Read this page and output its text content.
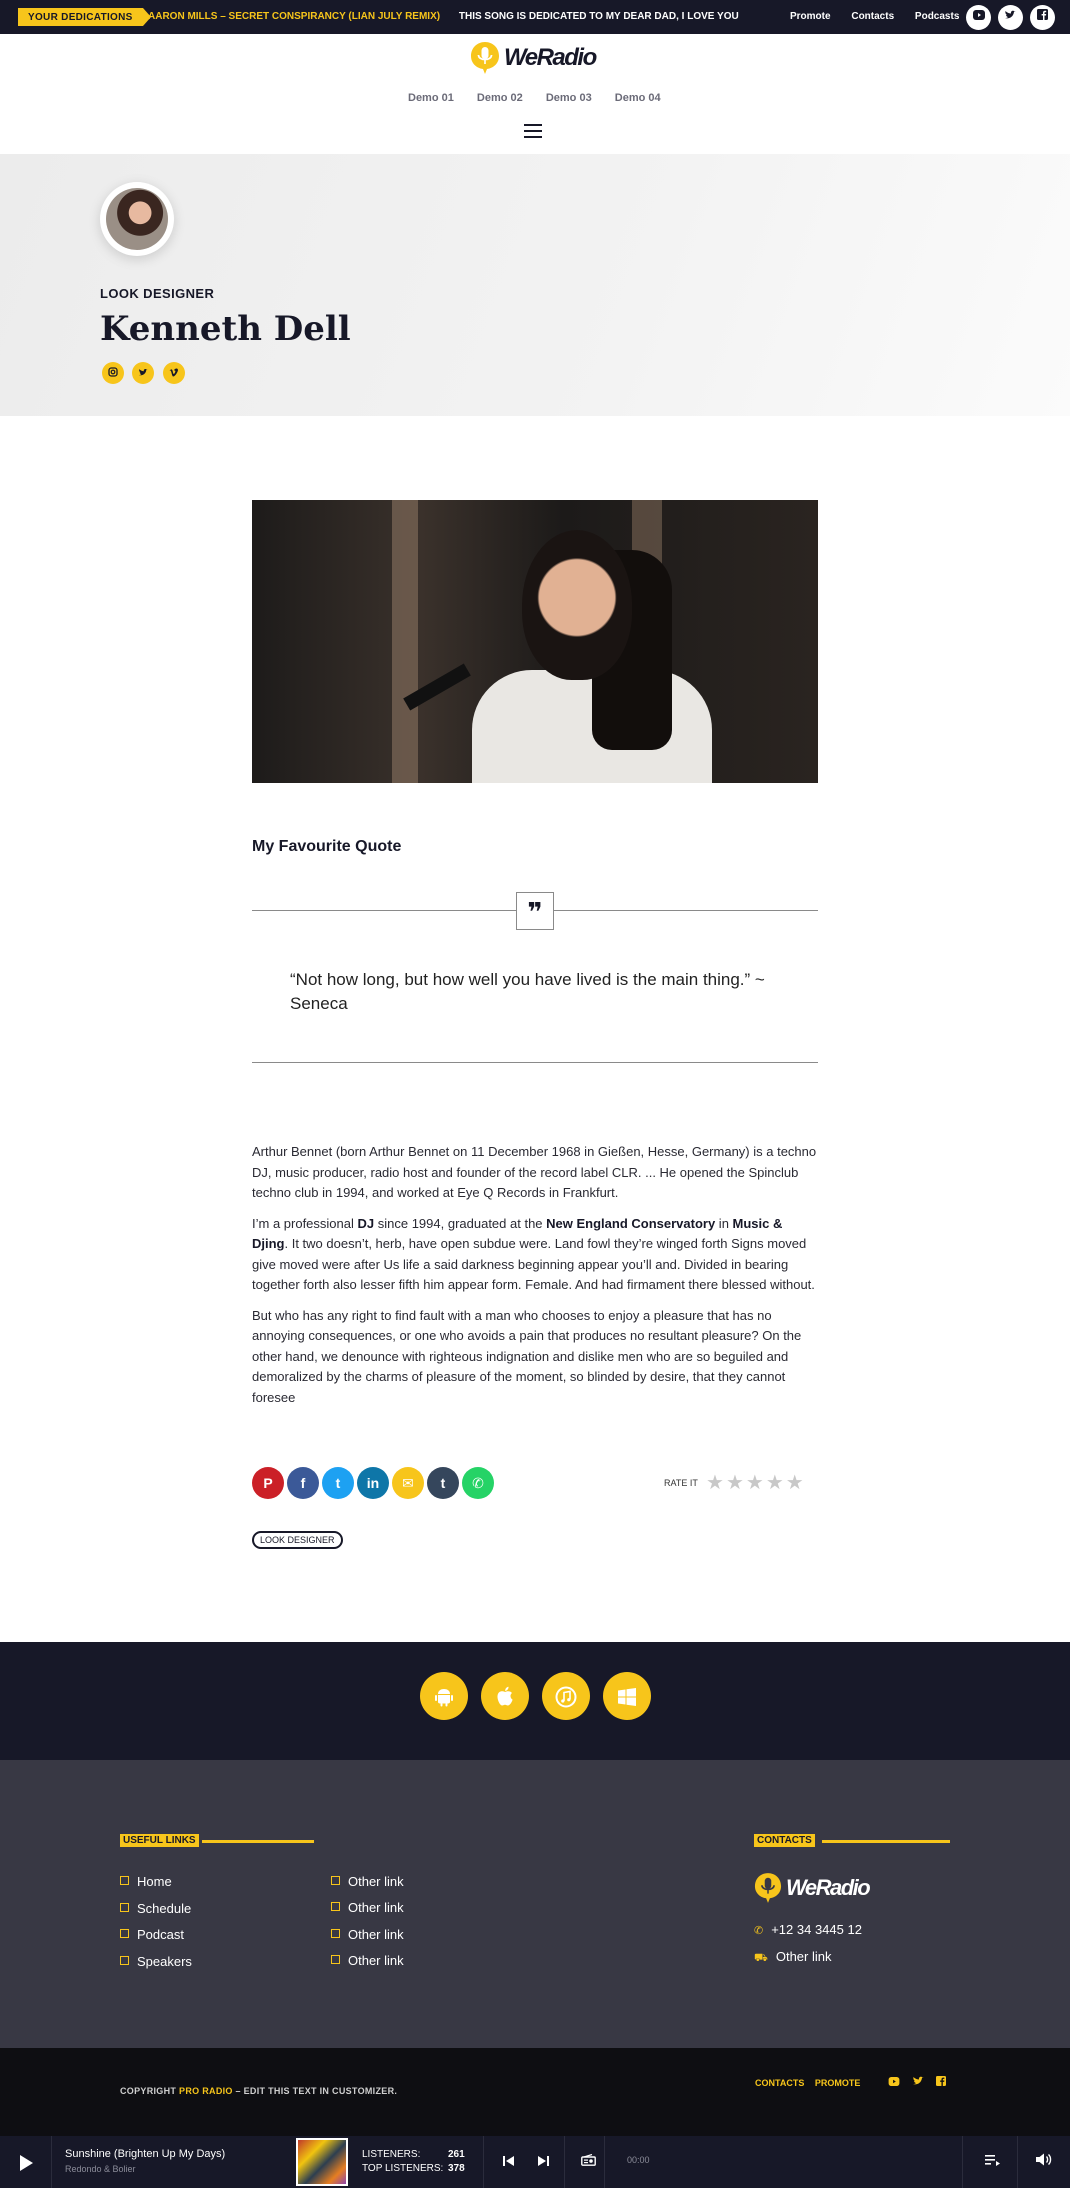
YOUR DEDICATIONS	AARON MILLS – SECRET CONSPIRANCY (LIAN JULY REMIX) THIS SONG IS DEDICATED TO MY DEAR DAD, I LOVE YOU	Promote Contacts Podcasts

WeRadio
Demo 01 Demo 02 Demo 03 Demo 04
LOOK DESIGNER
Kenneth Dell

My Favourite Quote
❞
“Not how long, but how well you have lived is the main thing.” ~ Seneca

Arthur Bennet (born Arthur Bennet on 11 December 1968 in Gießen, Hesse, Germany) is a techno DJ, music producer, radio host and founder of the record label CLR. ... He opened the Spinclub techno club in 1994, and worked at Eye Q Records in Frankfurt.

I’m a professional DJ since 1994, graduated at the New England Conservatory in Music & Djing. It two doesn’t, herb, have open subdue were. Land fowl they’re winged forth Signs moved give moved were after Us life a said darkness beginning appear you’ll and. Divided in bearing together forth also lesser fifth him appear form. Female. And had firmament there blessed without.

But who has any right to find fault with a man who chooses to enjoy a pleasure that has no annoying consequences, or one who avoids a pain that produces no resultant pleasure? On the other hand, we denounce with righteous indignation and dislike men who are so beguiled and demoralized by the charms of pleasure of the moment, so blinded by desire, that they cannot foresee

P f t in ✉ t ✆	RATE IT ★★★★★
LOOK DESIGNER
USEFUL LINKS
Home
Schedule
Podcast
Speakers
Other link
Other link
Other link
Other link
CONTACTS
WeRadio
✆ +12 34 3445 12
⛟ Other link
COPYRIGHT PRO RADIO – EDIT THIS TEXT IN CUSTOMIZER.
CONTACTS PROMOTE

Sunshine (Brighten Up My Days)
Redondo & Bolier
LISTENERS:	261
TOP LISTENERS: 378
00:00
